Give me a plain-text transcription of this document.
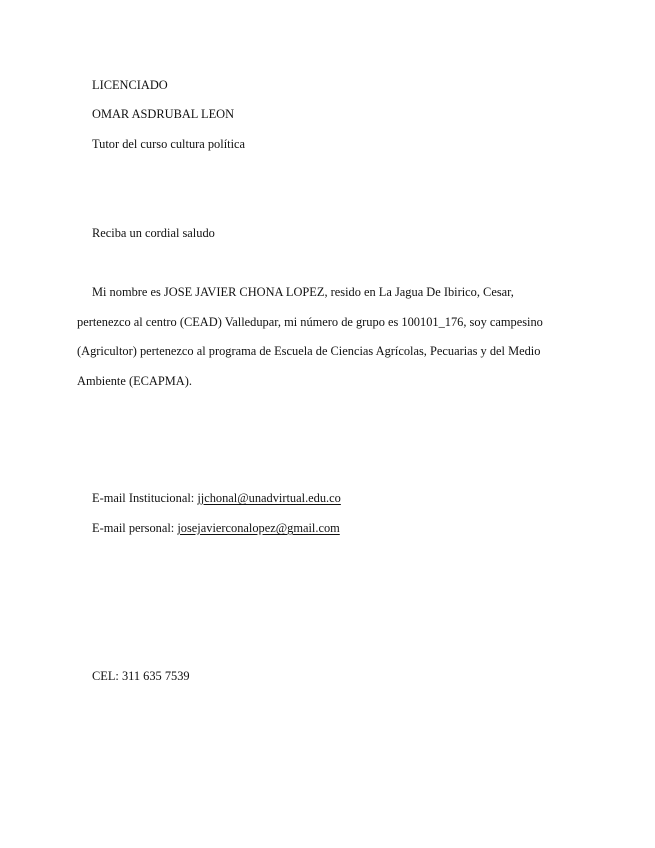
LICENCIADO
OMAR ASDRUBAL LEON
Tutor del curso cultura política
Reciba un cordial saludo
Mi nombre es JOSE JAVIER CHONA LOPEZ, resido en La Jagua De Ibirico, Cesar,
pertenezco al centro (CEAD) Valledupar, mi número de grupo es 100101_176, soy campesino
(Agricultor) pertenezco al programa de Escuela de Ciencias Agrícolas, Pecuarias y del Medio
Ambiente (ECAPMA).
E-mail Institucional: jjchonal@unadvirtual.edu.co
E-mail personal: josejavierconalopez@gmail.com
CEL: 311 635 7539
